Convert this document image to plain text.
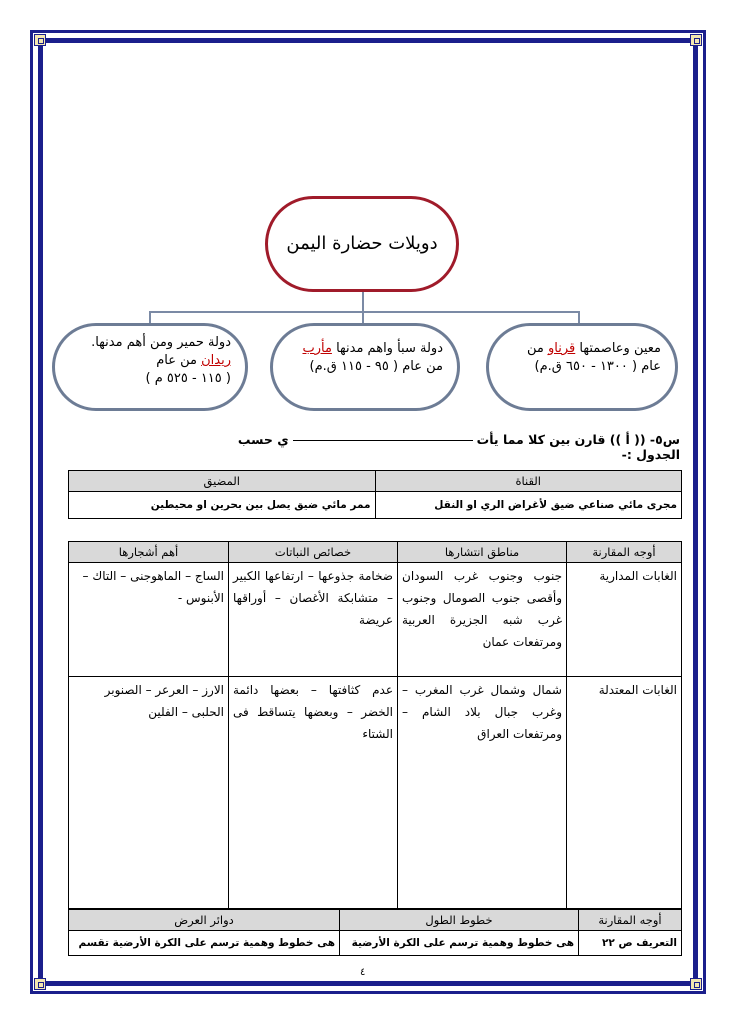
دويلات حضارة اليمن
دولة حمير ومن أهم مدنها.
ريدان من عام
( ١١٥ - ٥٢٥ م )
دولة سبأ واهم مدنها مأرب
من عام ( ٩٥ - ١١٥ ق.م)
معين وعاصمتها قرناو من
عام ( ١٣٠٠ - ٦٥٠ ق.م)
س٥- (( أ )) قارن بين كلا مما يأتي حسب الجدول :-
القناة	المضيق
مجرى مائي صناعي ضيق لأغراض الري او النقل	ممر مائي ضيق يصل بين بحرين او محيطين
أوجه المقارنة	مناطق انتشارها	خصائص النباتات	أهم أشجارها
الغابات المدارية	جنوب وجنوب غرب السودان وأقصى جنوب الصومال وجنوب غرب شبه الجزيرة العربية ومرتفعات عمان	ضخامة جذوعها – ارتفاعها الكبير – متشابكة الأغصان – أوراقها عريضة	الساج – الماهوجنى – التاك – الأبنوس -
الغابات المعتدلة	شمال وشمال غرب المغرب – وغرب جبال بلاد الشام – ومرتفعات العراق	عدم كثافتها – بعضها دائمة الخضر – وبعضها يتساقط فى الشتاء	الارز – العرعر – الصنوبر الحلبى – الفلين
أوجه المقارنة	خطوط الطول	دوائر العرض
التعريف ص ٢٢	هى خطوط وهمية ترسم على الكرة الأرضية	هى خطوط وهمية ترسم على الكرة الأرضية تقسم
٤
